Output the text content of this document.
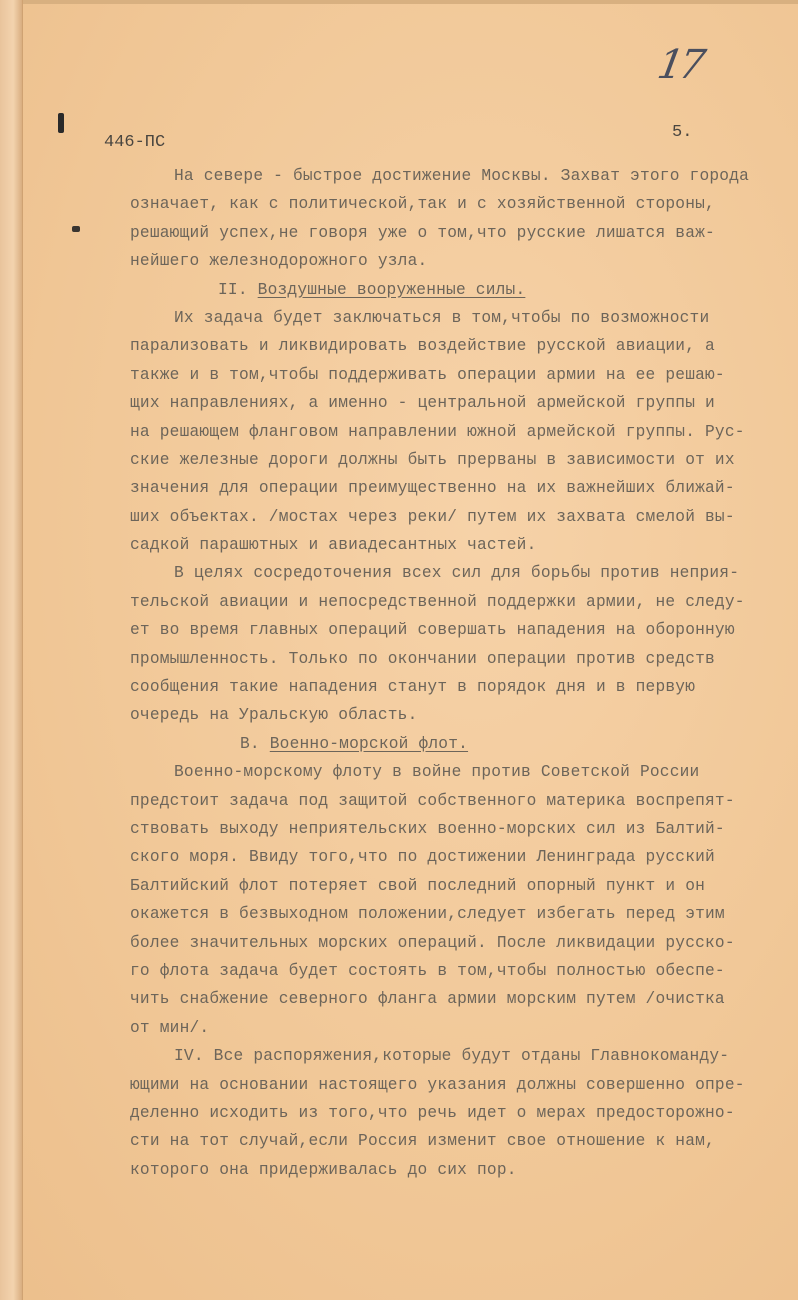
17
446-ПС
5.
На севере - быстрое достижение Москвы. Захват этого города
означает, как с политической,так и с хозяйственной стороны,
решающий успех,не говоря уже о том,что русские лишатся важ-
нейшего железнодорожного узла.
II. Воздушные вооруженные силы.
Их задача будет заключаться в том,чтобы по возможности
парализовать и ликвидировать воздействие русской авиации, а
также и в том,чтобы поддерживать операции армии на ее решаю-
щих направлениях, а именно - центральной армейской группы и
на решающем фланговом направлении южной армейской группы. Рус-
ские железные дороги должны быть прерваны в зависимости от их
значения для операции преимущественно на их важнейших ближай-
ших объектах. /мостах через реки/ путем их захвата смелой вы-
садкой парашютных и авиадесантных частей.
В целях сосредоточения всех сил для борьбы против неприя-
тельской авиации и непосредственной поддержки армии, не следу-
ет во время главных операций совершать нападения на оборонную
промышленность. Только по окончании операции против средств
сообщения такие нападения станут в порядок дня и в первую
очередь на Уральскую область.
В. Военно-морской флот.
Военно-морскому флоту в войне против Советской России
предстоит задача под защитой собственного материка воспрепят-
ствовать выходу неприятельских военно-морских сил из Балтий-
ского моря. Ввиду того,что по достижении Ленинграда русский
Балтийский флот потеряет свой последний опорный пункт и он
окажется в безвыходном положении,следует избегать перед этим
более значительных морских операций. После ликвидации русско-
го флота задача будет состоять в том,чтобы полностью обеспе-
чить снабжение северного фланга армии морским путем /очистка
от мин/.
IV. Все распоряжения,которые будут отданы Главнокоманду-
ющими на основании настоящего указания должны совершенно опре-
деленно исходить из того,что речь идет о мерах предосторожно-
сти на тот случай,если Россия изменит свое отношение к нам,
которого она придерживалась до сих пор.
